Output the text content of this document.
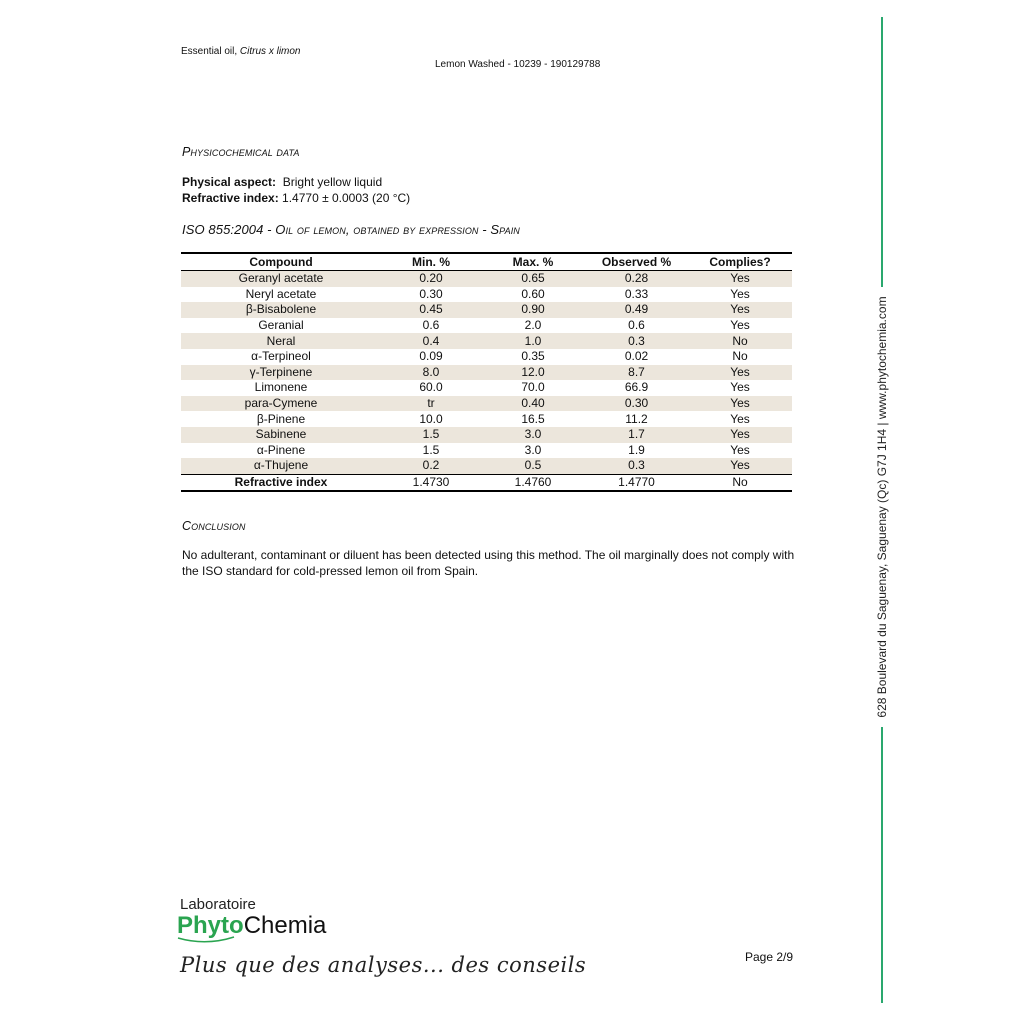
Essential oil, Citrus x limon
Lemon Washed - 10239 - 190129788
Physicochemical data
Physical aspect: Bright yellow liquid
Refractive index: 1.4770 ± 0.0003 (20 °C)
ISO 855:2004 - Oil of lemon, obtained by expression - Spain
Compound	Min. %	Max. %	Observed %	Complies?
Geranyl acetate	0.20	0.65	0.28	Yes
Neryl acetate	0.30	0.60	0.33	Yes
β-Bisabolene	0.45	0.90	0.49	Yes
Geranial	0.6	2.0	0.6	Yes
Neral	0.4	1.0	0.3	No
α-Terpineol	0.09	0.35	0.02	No
γ-Terpinene	8.0	12.0	8.7	Yes
Limonene	60.0	70.0	66.9	Yes
para-Cymene	tr	0.40	0.30	Yes
β-Pinene	10.0	16.5	11.2	Yes
Sabinene	1.5	3.0	1.7	Yes
α-Pinene	1.5	3.0	1.9	Yes
α-Thujene	0.2	0.5	0.3	Yes
Refractive index	1.4730	1.4760	1.4770	No
Conclusion
No adulterant, contaminant or diluent has been detected using this method. The oil marginally does not comply with the ISO standard for cold-pressed lemon oil from Spain.
Laboratoire
PhytoChemia
Plus que des analyses... des conseils	Page 2/9
628 Boulevard du Saguenay, Saguenay (Qc) G7J 1H4 | www.phytochemia.com
